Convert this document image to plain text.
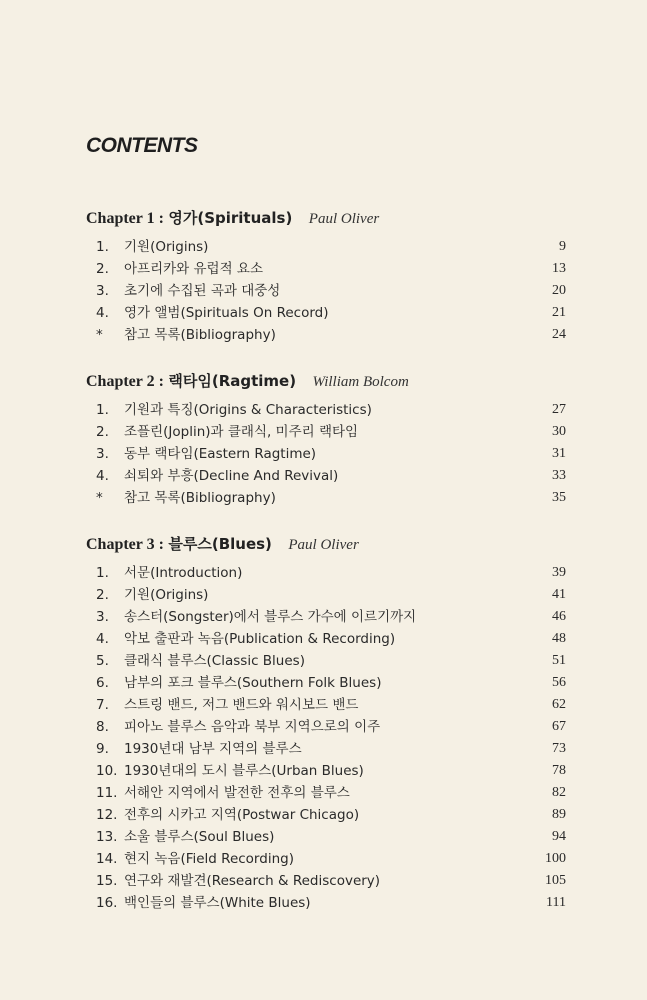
CONTENTS
Chapter 1 : 영가(Spirituals) Paul Oliver
1.	기원(Origins)	9
2.	아프리카와 유럽적 요소	13
3.	초기에 수집된 곡과 대중성	20
4.	영가 앨범(Spirituals On Record)	21
*	참고 목록(Bibliography)	24
Chapter 2 : 랙타임(Ragtime) William Bolcom
1.	기원과 특징(Origins & Characteristics)	27
2.	조플린(Joplin)과 클래식, 미주리 랙타임	30
3.	동부 랙타임(Eastern Ragtime)	31
4.	쇠퇴와 부흥(Decline And Revival)	33
*	참고 목록(Bibliography)	35
Chapter 3 : 블루스(Blues) Paul Oliver
1.	서문(Introduction)	39
2.	기원(Origins)	41
3.	송스터(Songster)에서 블루스 가수에 이르기까지	46
4.	악보 출판과 녹음(Publication & Recording)	48
5.	클래식 블루스(Classic Blues)	51
6.	남부의 포크 블루스(Southern Folk Blues)	56
7.	스트링 밴드, 저그 밴드와 워시보드 밴드	62
8.	피아노 블루스 음악과 북부 지역으로의 이주	67
9.	1930년대 남부 지역의 블루스	73
10. 1930년대의 도시 블루스(Urban Blues)	78
11. 서해안 지역에서 발전한 전후의 블루스	82
12. 전후의 시카고 지역(Postwar Chicago)	89
13. 소울 블루스(Soul Blues)	94
14. 현지 녹음(Field Recording)	100
15. 연구와 재발견(Research & Rediscovery)	105
16. 백인들의 블루스(White Blues)	111
